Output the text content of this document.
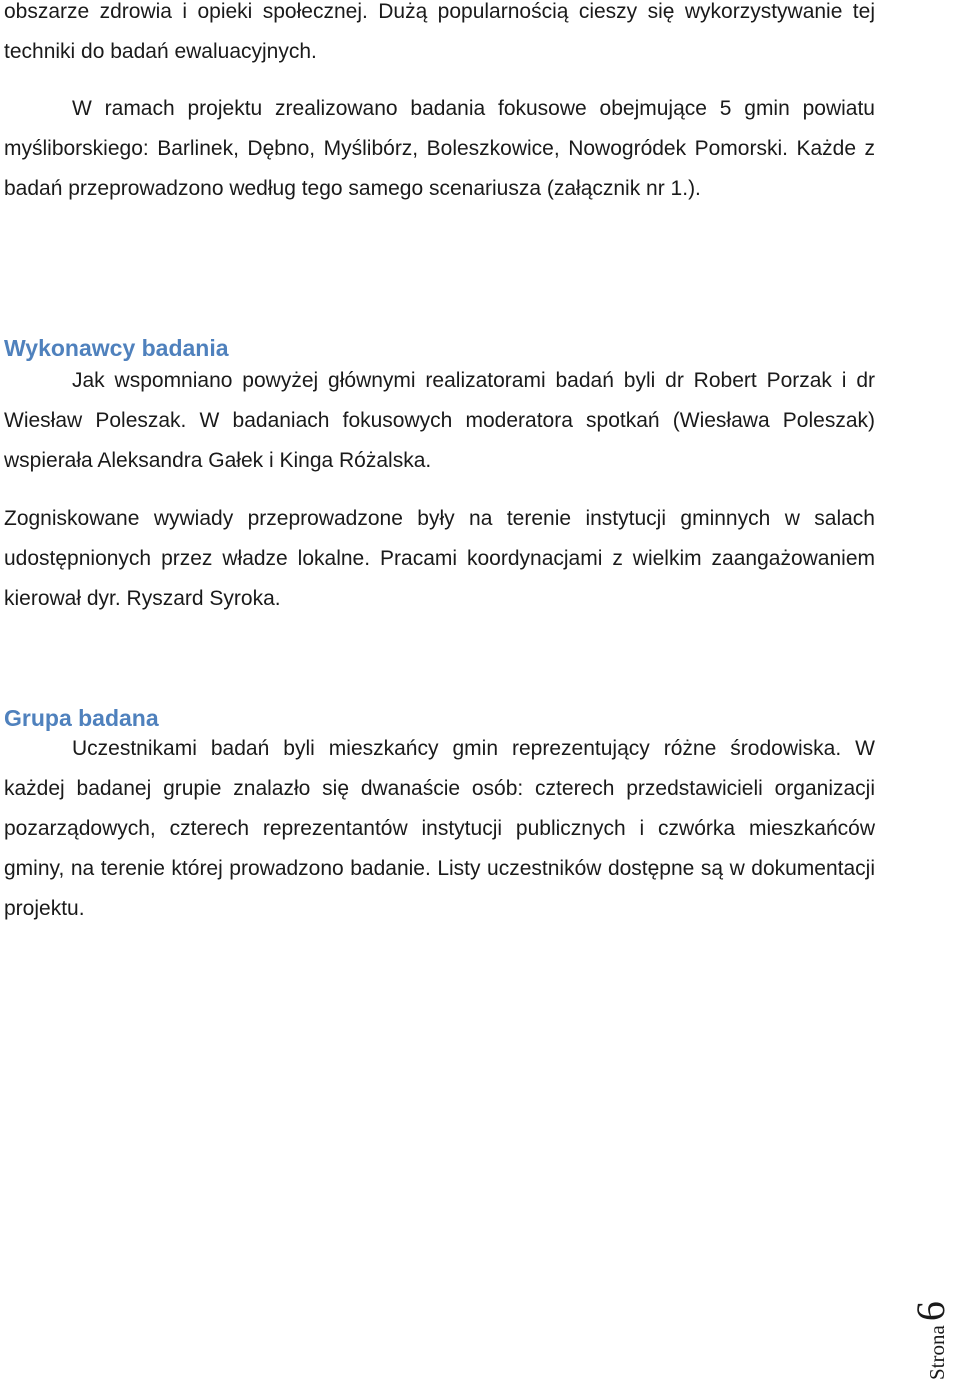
obszarze zdrowia i opieki społecznej. Dużą popularnością cieszy się wykorzystywanie tej techniki do badań ewaluacyjnych.

W ramach projektu zrealizowano badania fokusowe obejmujące 5 gmin powiatu myśliborskiego: Barlinek, Dębno, Myślibórz, Boleszkowice, Nowogródek Pomorski. Każde z badań przeprowadzono według tego samego scenariusza (załącznik nr 1.).

Wykonawcy badania

Jak wspomniano powyżej głównymi realizatorami badań byli dr Robert Porzak i dr Wiesław Poleszak. W badaniach fokusowych moderatora spotkań (Wiesława Poleszak) wspierała Aleksandra Gałek i Kinga Różalska.

Zogniskowane wywiady przeprowadzone były na terenie instytucji gminnych w salach udostępnionych przez władze lokalne. Pracami koordynacjami z wielkim zaangażowaniem kierował dyr. Ryszard Syroka.

Grupa badana

Uczestnikami badań byli mieszkańcy gmin reprezentujący różne środowiska. W każdej badanej grupie znalazło się dwanaście osób: czterech przedstawicieli organizacji pozarządowych, czterech reprezentantów instytucji publicznych i czwórka mieszkańców gminy, na terenie której prowadzono badanie. Listy uczestników dostępne są w dokumentacji projektu.

Strona6
